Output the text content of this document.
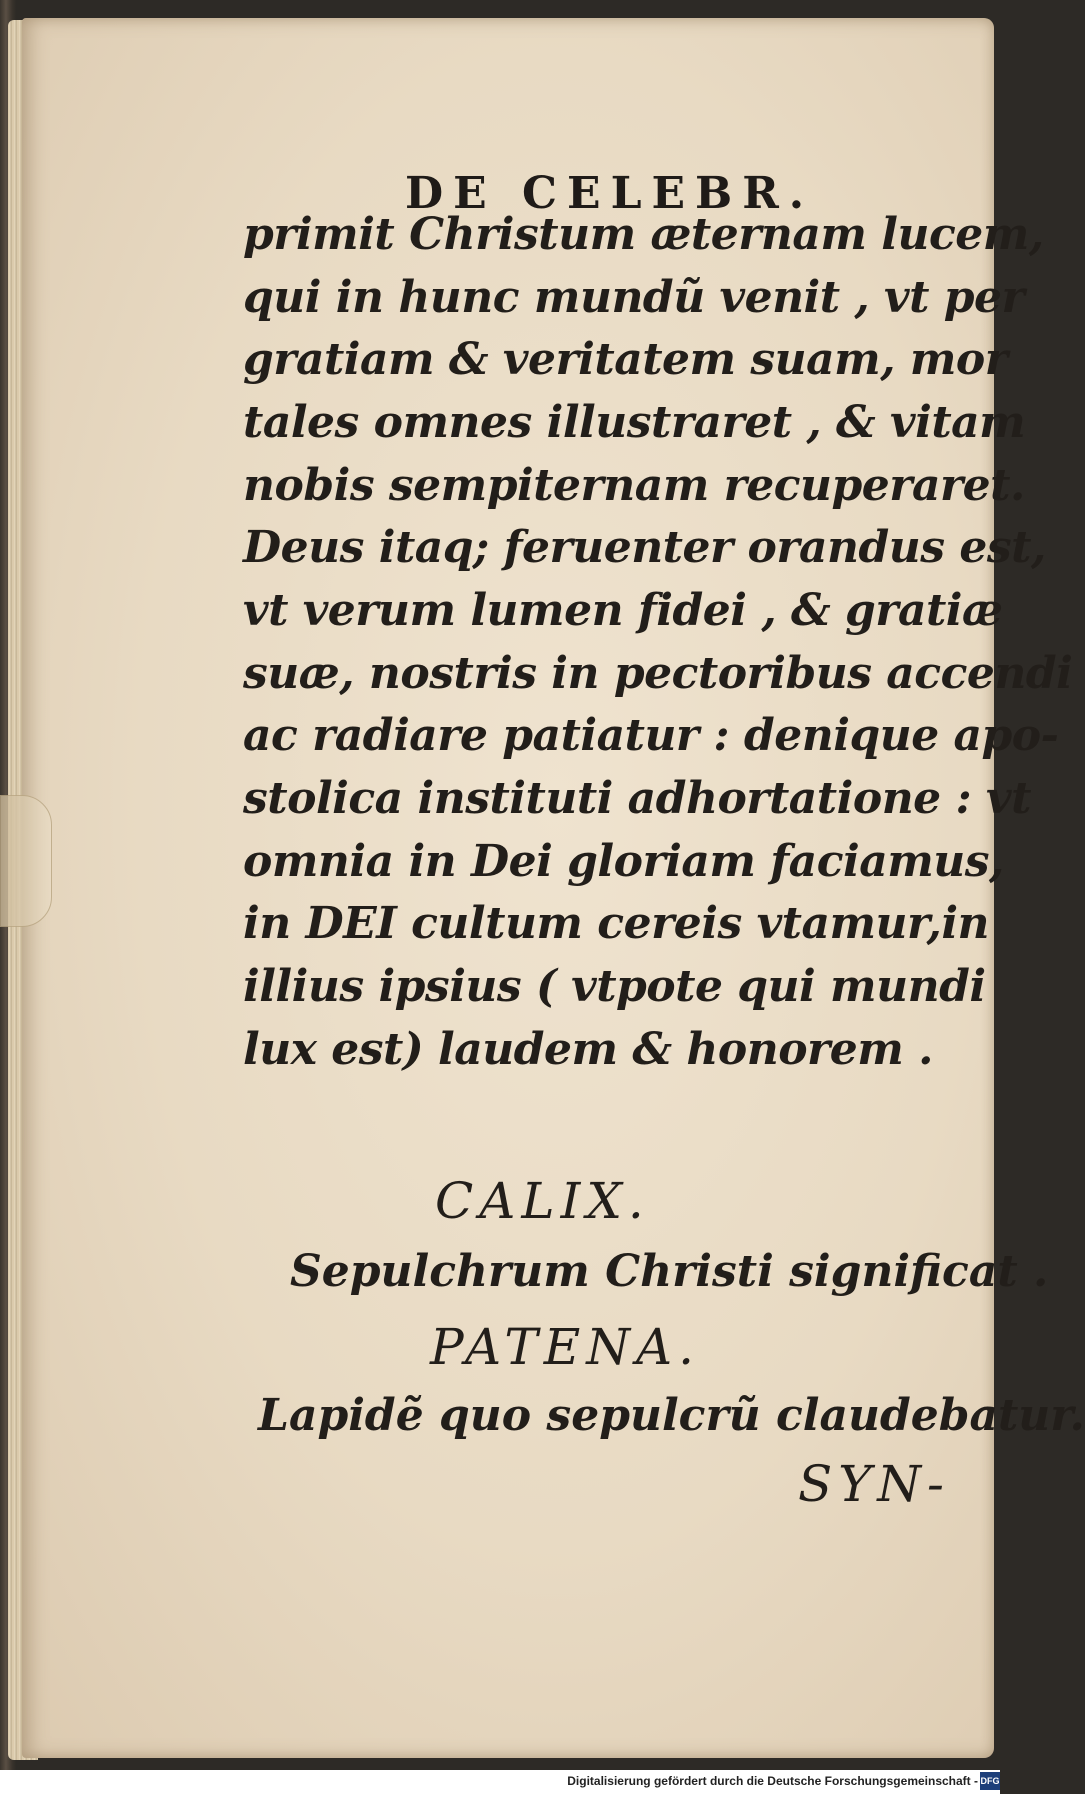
DE CELEBR.
primit Christum æternam lucem,
qui in hunc mundũ venit , vt per
gratiam & veritatem suam, mor
tales omnes illustraret , & vitam
nobis sempiternam recuperaret.
Deus itaq; feruenter orandus est,
vt verum lumen fidei , & gratiæ
suæ, nostris in pectoribus accendi
ac radiare patiatur : denique apo-
stolica instituti adhortatione : vt
omnia in Dei gloriam faciamus,
in DEI cultum cereis vtamur,in
illius ipsius ( vtpote qui mundi
lux est) laudem & honorem .
CALIX.
Sepulchrum Christi significat .
PATENA.
Lapidẽ quo sepulcrũ claudebatur.
SYN-
Digitalisierung gefördert durch die Deutsche Forschungsgemeinschaft - DFG
